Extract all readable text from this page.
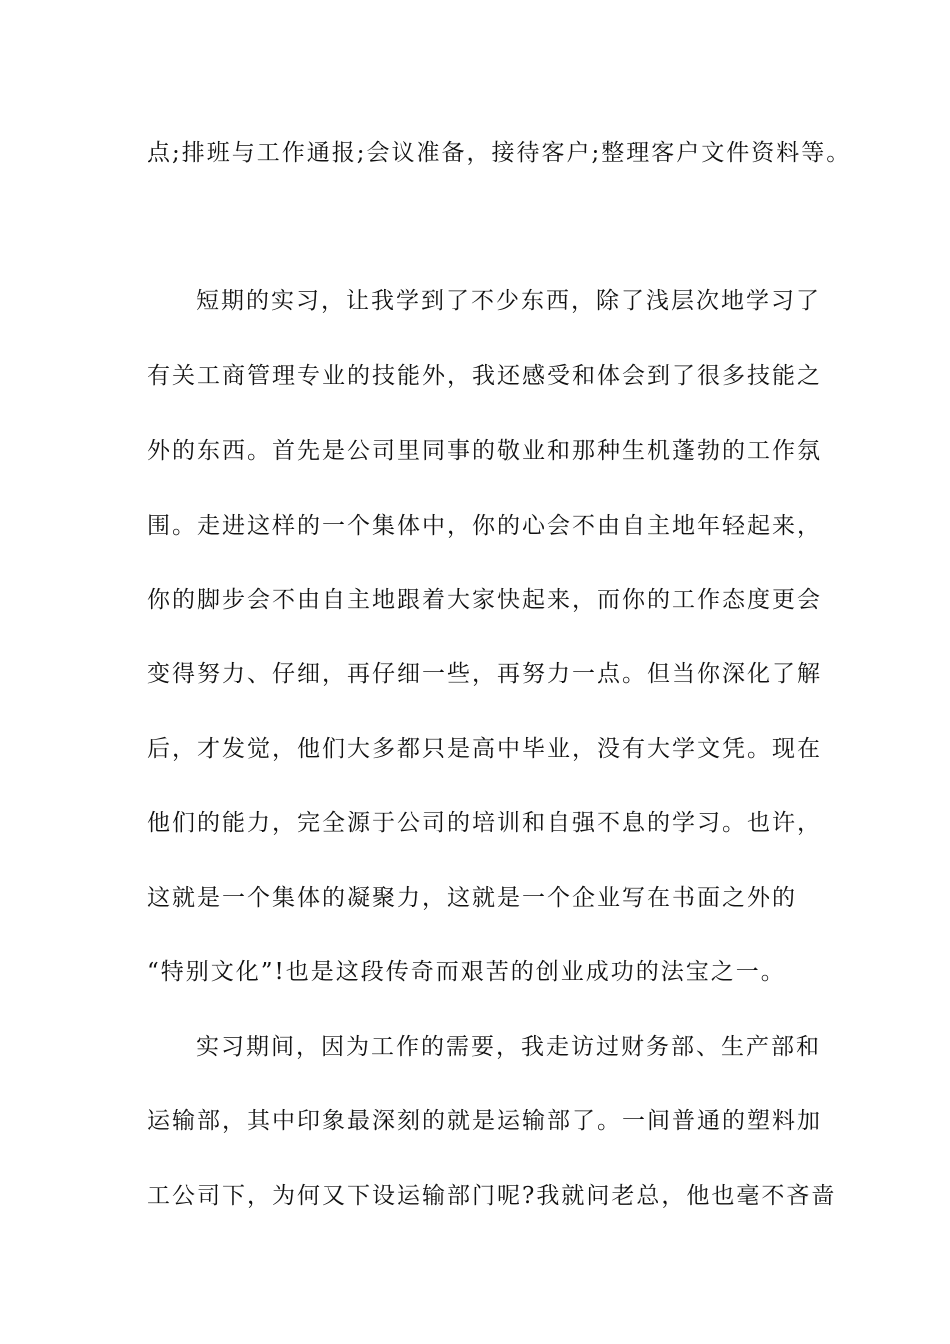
点;排班与工作通报;会议准备，接待客户;整理客户文件资料等。
短期的实习，让我学到了不少东西，除了浅层次地学习了
有关工商管理专业的技能外，我还感受和体会到了很多技能之
外的东西。首先是公司里同事的敬业和那种生机蓬勃的工作氛
围。走进这样的一个集体中，你的心会不由自主地年轻起来，
你的脚步会不由自主地跟着大家快起来，而你的工作态度更会
变得努力、仔细，再仔细一些，再努力一点。但当你深化了解
后，才发觉，他们大多都只是高中毕业，没有大学文凭。现在
他们的能力，完全源于公司的培训和自强不息的学习。也许，
这就是一个集体的凝聚力，这就是一个企业写在书面之外的
“特别文化”!也是这段传奇而艰苦的创业成功的法宝之一。
实习期间，因为工作的需要，我走访过财务部、生产部和
运输部，其中印象最深刻的就是运输部了。一间普通的塑料加
工公司下，为何又下设运输部门呢?我就问老总，他也毫不吝啬
